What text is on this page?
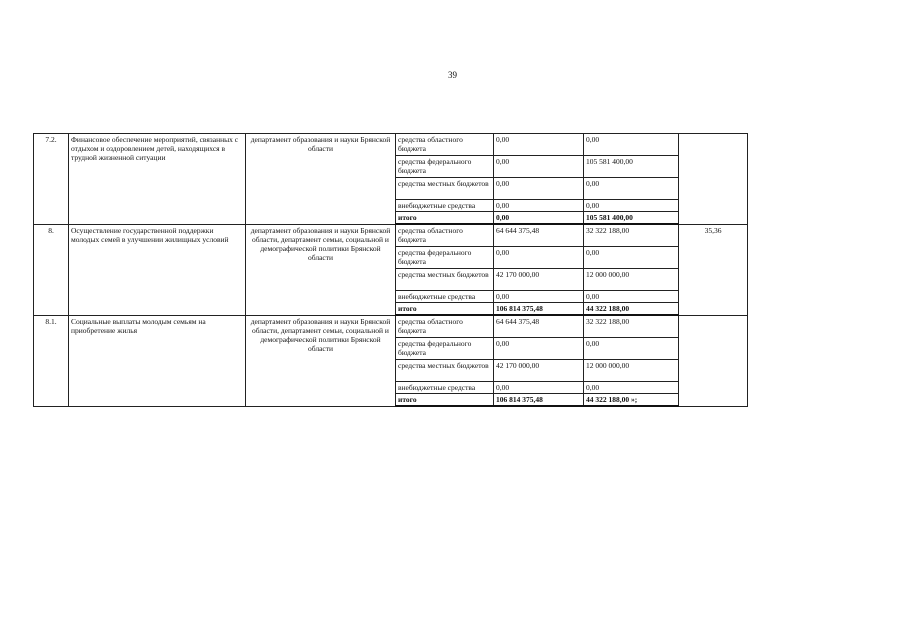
39
7.2.	Финансовое обеспечение мероприятий, связанных с отдыхом и оздоровлением детей, находящихся в трудной жизненной ситуации	департамент образования и науки Брянской области	средства областного бюджета	0,00	0,00	
			средства федерального бюджета	0,00	105 581 400,00	
			средства местных бюджетов	0,00	0,00	
			внебюджетные средства	0,00	0,00	
			итого	0,00	105 581 400,00	
8.	Осуществление государственной поддержки молодых семей в улучшении жилищных условий	департамент образования и науки Брянской области, департамент семьи, социальной и демографической политики Брянской области	средства областного бюджета	64 644 375,48	32 322 188,00	35,36
			средства федерального бюджета	0,00	0,00	
			средства местных бюджетов	42 170 000,00	12 000 000,00	
			внебюджетные средства	0,00	0,00	
			итого	106 814 375,48	44 322 188,00	
8.1.	Социальные выплаты молодым семьям на приобретение жилья	департамент образования и науки Брянской области, департамент семьи, социальной и демографической политики Брянской области	средства областного бюджета	64 644 375,48	32 322 188,00	
			средства федерального бюджета	0,00	0,00	
			средства местных бюджетов	42 170 000,00	12 000 000,00	
			внебюджетные средства	0,00	0,00	
			итого	106 814 375,48	44 322 188,00 »;	
